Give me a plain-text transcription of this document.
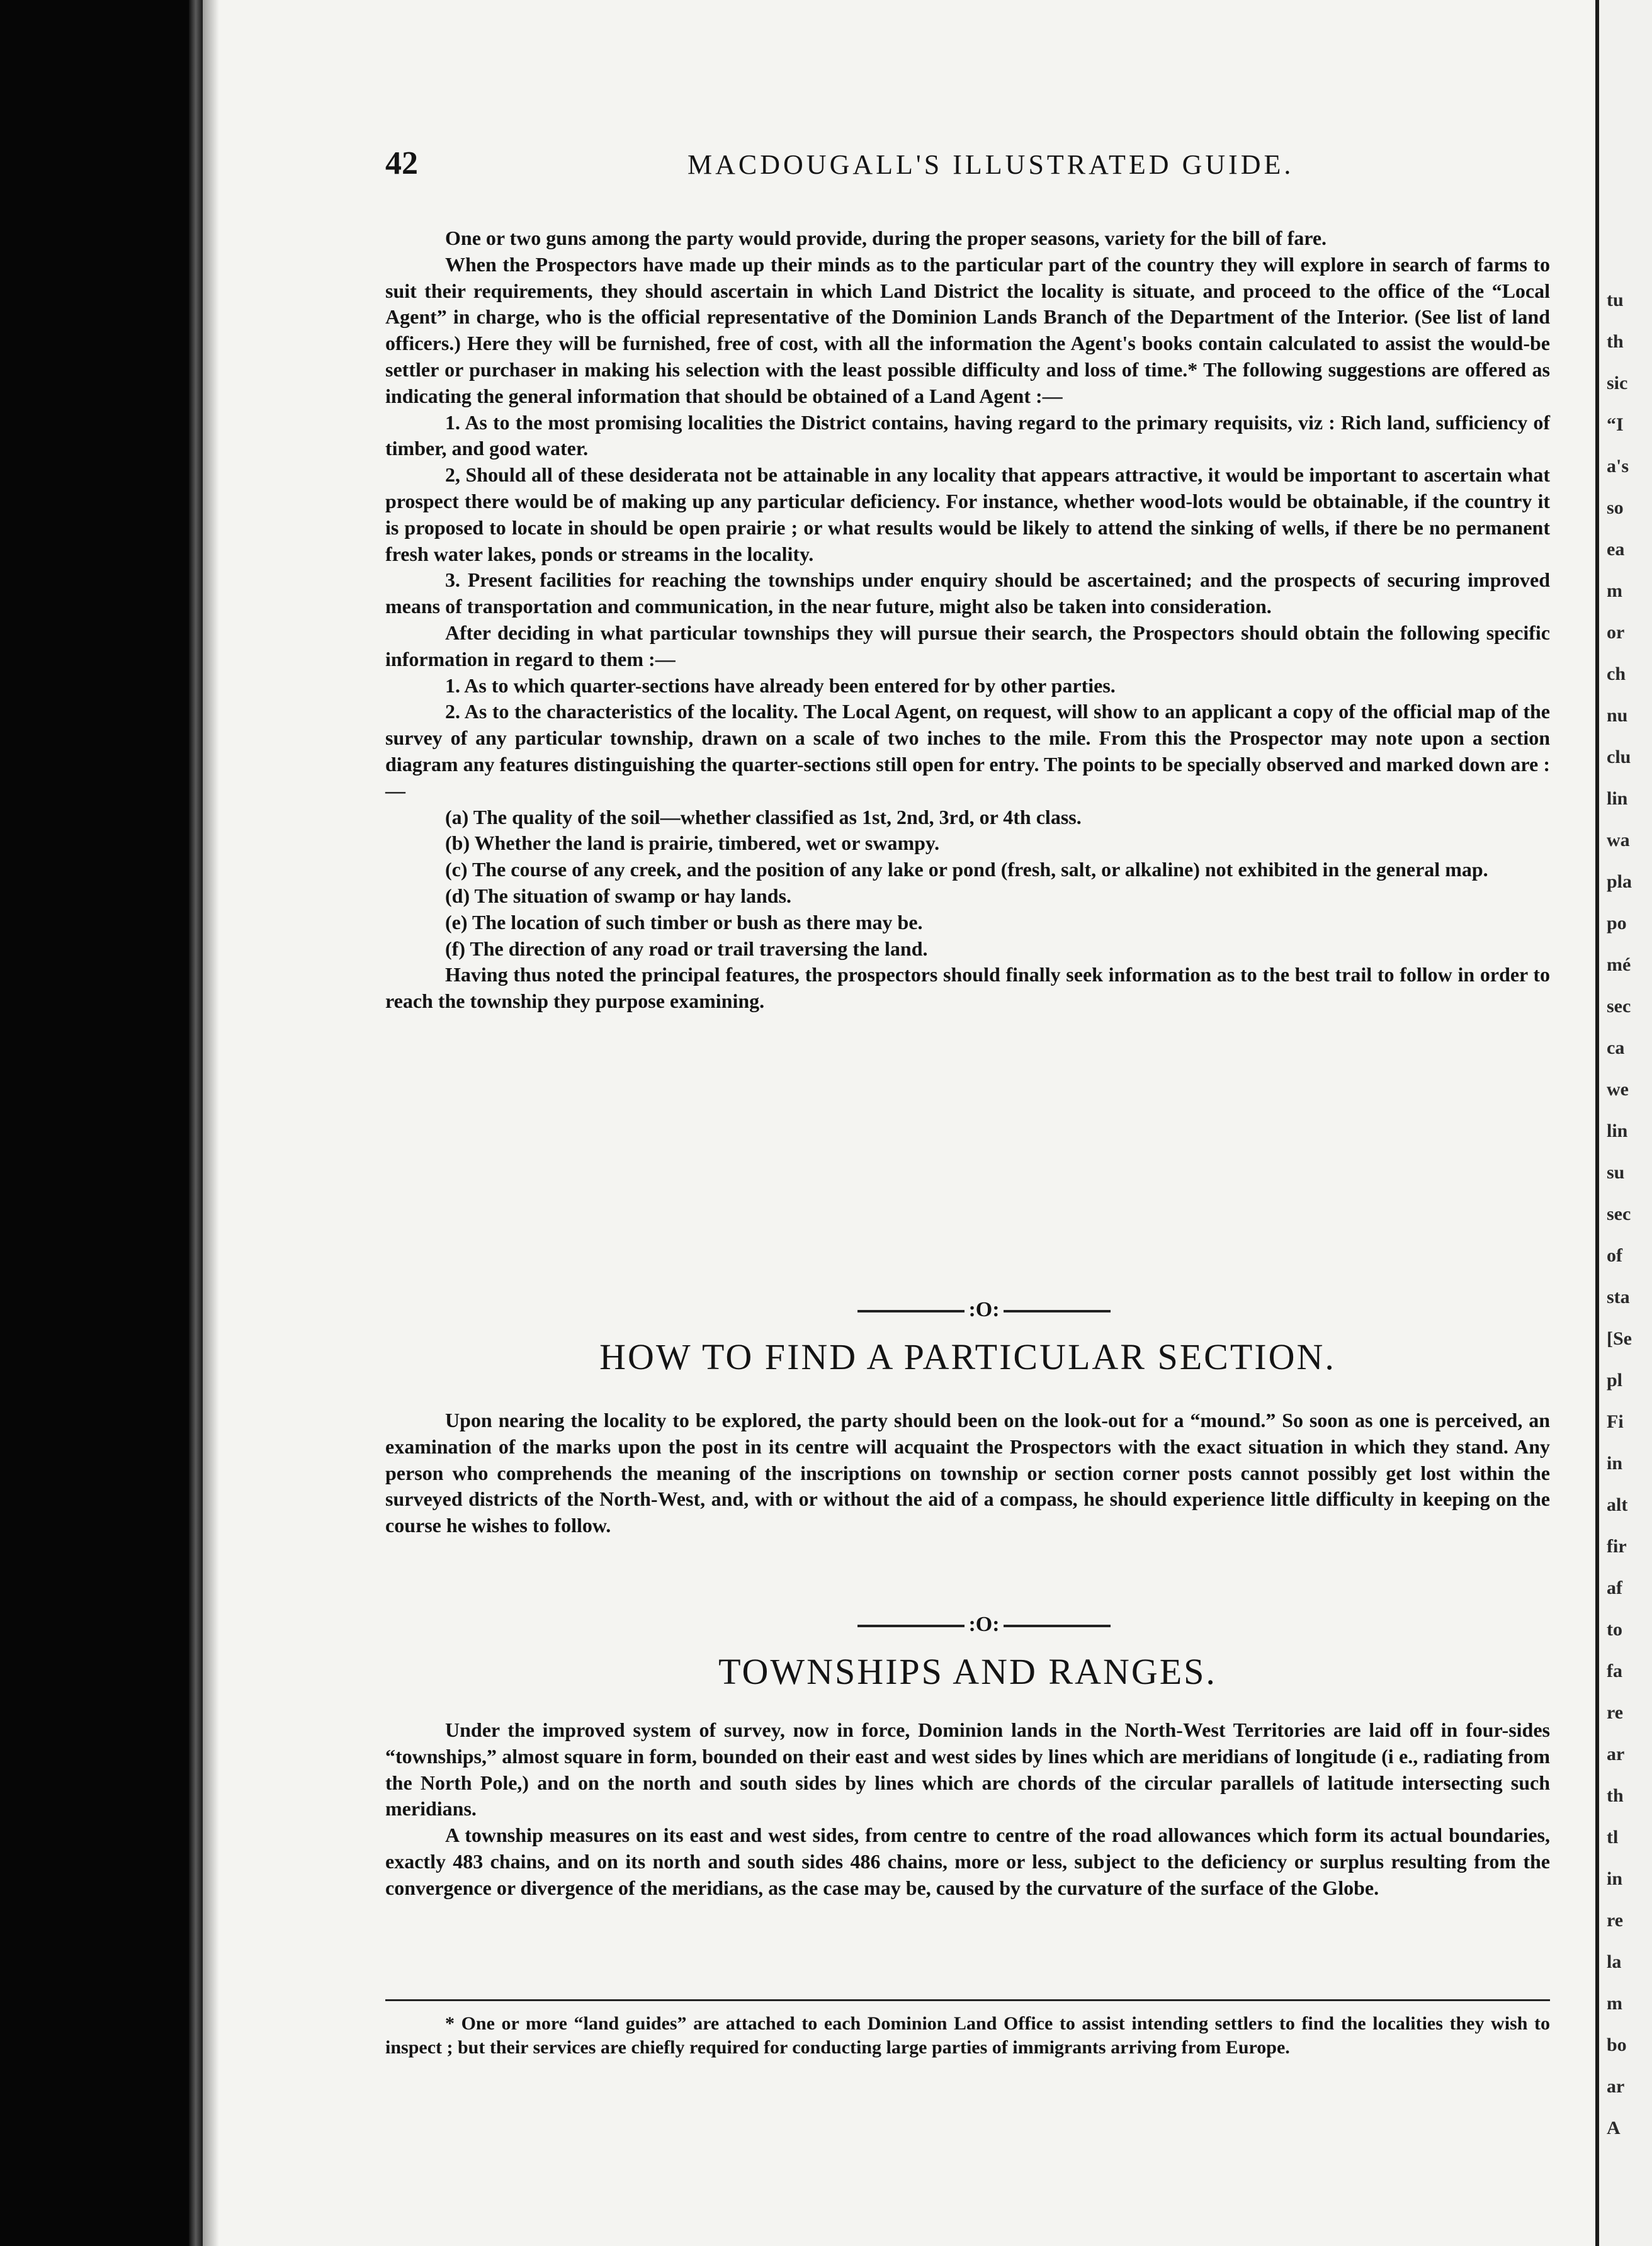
tu
th
sic
“I
a's
so
ea
m
or
ch
nu
clu
lin
wa
pla
po
mé
sec
ca
we
lin
su
sec
of
sta
[Se
pl
Fi
in
alt
fir
af
to
fa
re
ar
th
tl
in
re
la
m
bo
ar
A
42	MACDOUGALL'S ILLUSTRATED GUIDE.

One or two guns among the party would provide, during the proper seasons, variety for the bill of fare.

When the Prospectors have made up their minds as to the particular part of the country they will explore in search of farms to suit their requirements, they should ascertain in which Land District the locality is situate, and proceed to the office of the “Local Agent” in charge, who is the official representative of the Dominion Lands Branch of the Department of the Interior. (See list of land officers.) Here they will be furnished, free of cost, with all the information the Agent's books contain calculated to assist the would-be settler or purchaser in making his selection with the least possible difficulty and loss of time.* The following suggestions are offered as indicating the general information that should be obtained of a Land Agent :—

1. As to the most promising localities the District contains, having regard to the primary requisits, viz : Rich land, sufficiency of timber, and good water.

2, Should all of these desiderata not be attainable in any locality that appears attractive, it would be important to ascertain what prospect there would be of making up any particular deficiency. For instance, whether wood-lots would be obtainable, if the country it is proposed to locate in should be open prairie ; or what results would be likely to attend the sinking of wells, if there be no permanent fresh water lakes, ponds or streams in the locality.

3. Present facilities for reaching the townships under enquiry should be ascertained; and the prospects of securing improved means of transportation and communication, in the near future, might also be taken into consideration.

After deciding in what particular townships they will pursue their search, the Prospectors should obtain the following specific information in regard to them :—

1. As to which quarter-sections have already been entered for by other parties.

2. As to the characteristics of the locality. The Local Agent, on request, will show to an applicant a copy of the official map of the survey of any particular township, drawn on a scale of two inches to the mile. From this the Prospector may note upon a section diagram any features distinguishing the quarter-sections still open for entry. The points to be specially observed and marked down are :—

(a) The quality of the soil—whether classified as 1st, 2nd, 3rd, or 4th class.

(b) Whether the land is prairie, timbered, wet or swampy.

(c) The course of any creek, and the position of any lake or pond (fresh, salt, or alkaline) not exhibited in the general map.

(d) The situation of swamp or hay lands.

(e) The location of such timber or bush as there may be.

(f) The direction of any road or trail traversing the land.

Having thus noted the principal features, the prospectors should finally seek information as to the best trail to follow in order to reach the township they purpose examining.

:O:
HOW TO FIND A PARTICULAR SECTION.

Upon nearing the locality to be explored, the party should been on the look-out for a “mound.” So soon as one is perceived, an examination of the marks upon the post in its centre will acquaint the Prospectors with the exact situation in which they stand. Any person who comprehends the meaning of the inscriptions on township or section corner posts cannot possibly get lost within the surveyed districts of the North-West, and, with or without the aid of a compass, he should experience little difficulty in keeping on the course he wishes to follow.

:O:
TOWNSHIPS AND RANGES.

Under the improved system of survey, now in force, Dominion lands in the North-West Territories are laid off in four-sides “townships,” almost square in form, bounded on their east and west sides by lines which are meridians of longitude (i e., radiating from the North Pole,) and on the north and south sides by lines which are chords of the circular parallels of latitude intersecting such meridians.

A township measures on its east and west sides, from centre to centre of the road allowances which form its actual boundaries, exactly 483 chains, and on its north and south sides 486 chains, more or less, subject to the deficiency or surplus resulting from the convergence or divergence of the meridians, as the case may be, caused by the curvature of the surface of the Globe.

* One or more “land guides” are attached to each Dominion Land Office to assist intending settlers to find the localities they wish to inspect ; but their services are chiefly required for conducting large parties of immigrants arriving from Europe.
